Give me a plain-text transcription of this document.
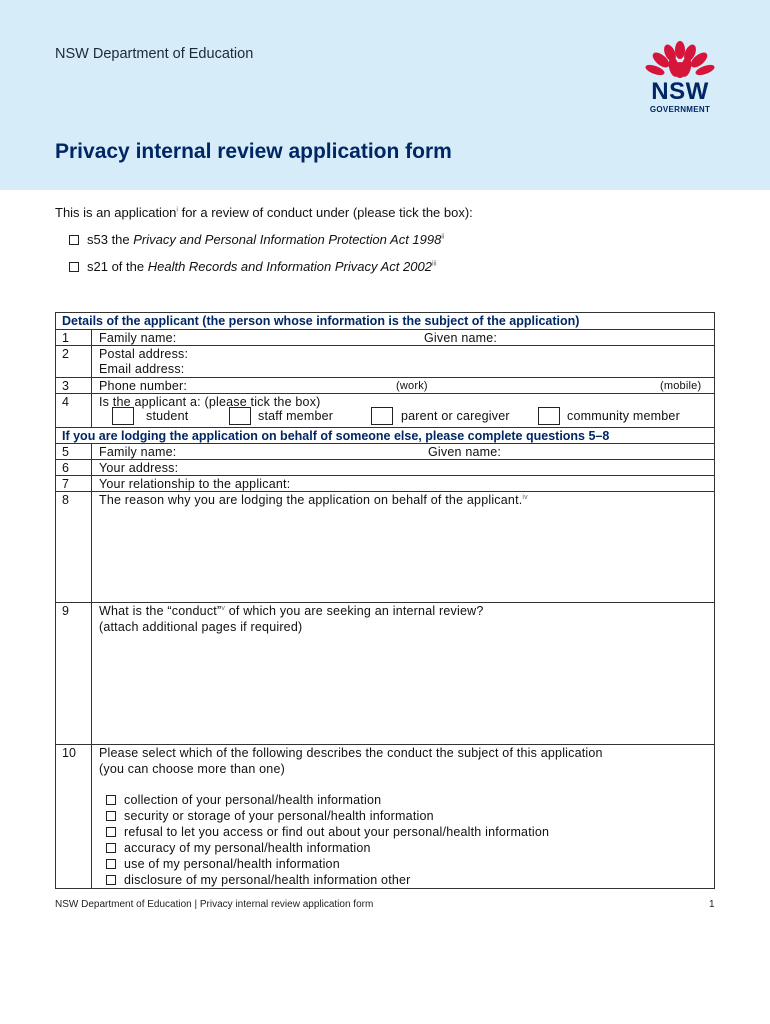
NSW Department of Education
Privacy internal review application form
NSW
GOVERNMENT
This is an application$^i$ for a review of conduct under (please tick the box):
s53 the Privacy and Personal Information Protection Act 1998$^{ii}$
s21 of the Health Records and Information Privacy Act 2002$^{iii}$
Details of the applicant (the person whose information is the subject of the application)
1 Family name:	Given name:
2 Postal address:
Email address:
3 Phone number:	(work)	(mobile)
4 Is the applicant a: (please tick the box)
student	staff member	parent or caregiver	community member
If you are lodging the application on behalf of someone else, please complete questions 5–8
5 Family name:	Given name:
6 Your address:
7 Your relationship to the applicant:
8 The reason why you are lodging the application on behalf of the applicant.$^{iv}$
9 What is the “conduct”$^v$ of which you are seeking an internal review?
(attach additional pages if required)
10 Please select which of the following describes the conduct the subject of this application
(you can choose more than one)
collection of your personal/health information
security or storage of your personal/health information
refusal to let you access or find out about your personal/health information
accuracy of my personal/health information
use of my personal/health information
disclosure of my personal/health information other
NSW Department of Education | Privacy internal review application form	1
